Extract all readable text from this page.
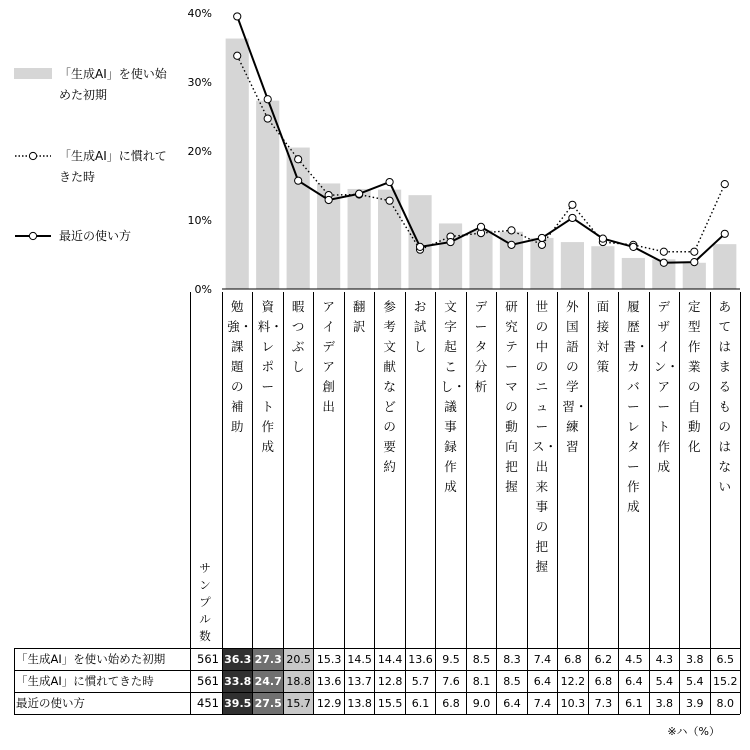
0%
10%
20%
30%
40%
「生成AI」を使い始
めた初期
「生成AI」に慣れて
きた時
最近の使い方
勉強・課題の補助
資料・レポート作成
暇つぶし
アイデア創出
翻訳
参考文献などの要約
お試し
文字起こし・議事録作成
データ分析
研究テーマの動向把握
世の中のニュース・出来事の把握
外国語の学習・練習
面接対策
履歴書・カバーレター作成
デザイン・アート作成
定型作業の自動化
あてはまるものはない
「生成AI」を使い始めた初期	561 36.3 27.3 20.5 15.3 14.5 14.4 13.6 9.5	8.5	8.3	7.4	6.8	6.2	4.5	4.3	3.8	6.5
「生成AI」に慣れてきた時	561 33.8 24.7 18.8 13.6 13.7 12.8 5.7	7.6	8.1	8.5	6.4 12.2 6.8	6.4	5.4	5.4 15.2
最近の使い方	451 39.5 27.5 15.7 12.9 13.8 15.5 6.1	6.8	9.0	6.4	7.4 10.3 7.3	6.1	3.8	3.9	8.0
サンプル数
※ハ（%）
